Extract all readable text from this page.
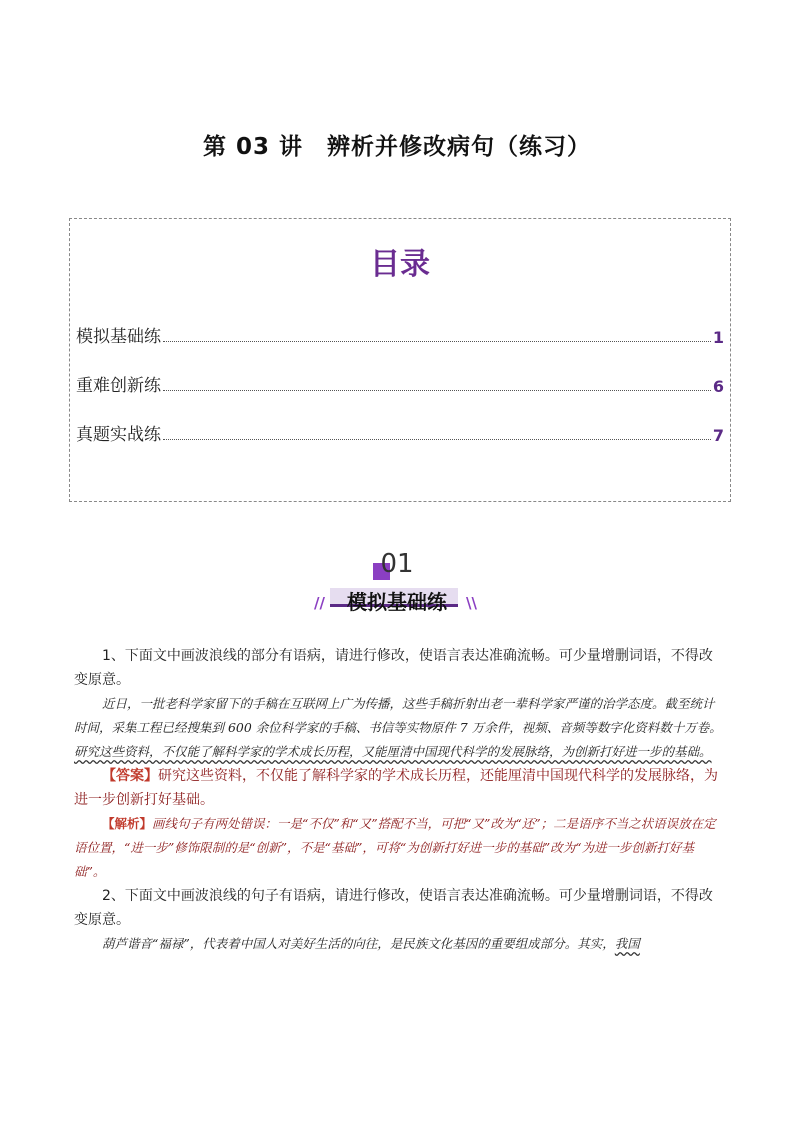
第 03 讲　辨析并修改病句（练习）
目录
模拟基础练	1
重难创新练	6
真题实战练	7
01
//	\\
模拟基础练

1、下面文中画波浪线的部分有语病，请进行修改，使语言表达准确流畅。可少量增删词语，不得改变原意。

近日，一批老科学家留下的手稿在互联网上广为传播，这些手稿折射出老一辈科学家严谨的治学态度。截至统计时间，采集工程已经搜集到 600 余位科学家的手稿、书信等实物原件 7 万余件，视频、音频等数字化资料数十万卷。研究这些资料，不仅能了解科学家的学术成长历程，又能厘清中国现代科学的发展脉络，为创新打好进一步的基础。

【答案】研究这些资料，不仅能了解科学家的学术成长历程，还能厘清中国现代科学的发展脉络，为进一步创新打好基础。

【解析】画线句子有两处错误：一是“不仅”和“又”搭配不当，可把“又”改为“还”；二是语序不当之状语误放在定语位置，“进一步”修饰限制的是“创新”，不是“基础”，可将“为创新打好进一步的基础”改为“为进一步创新打好基础”。

2、下面文中画波浪线的句子有语病，请进行修改，使语言表达准确流畅。可少量增删词语，不得改变原意。

葫芦谐音“福禄”，代表着中国人对美好生活的向往，是民族文化基因的重要组成部分。其实，我国
